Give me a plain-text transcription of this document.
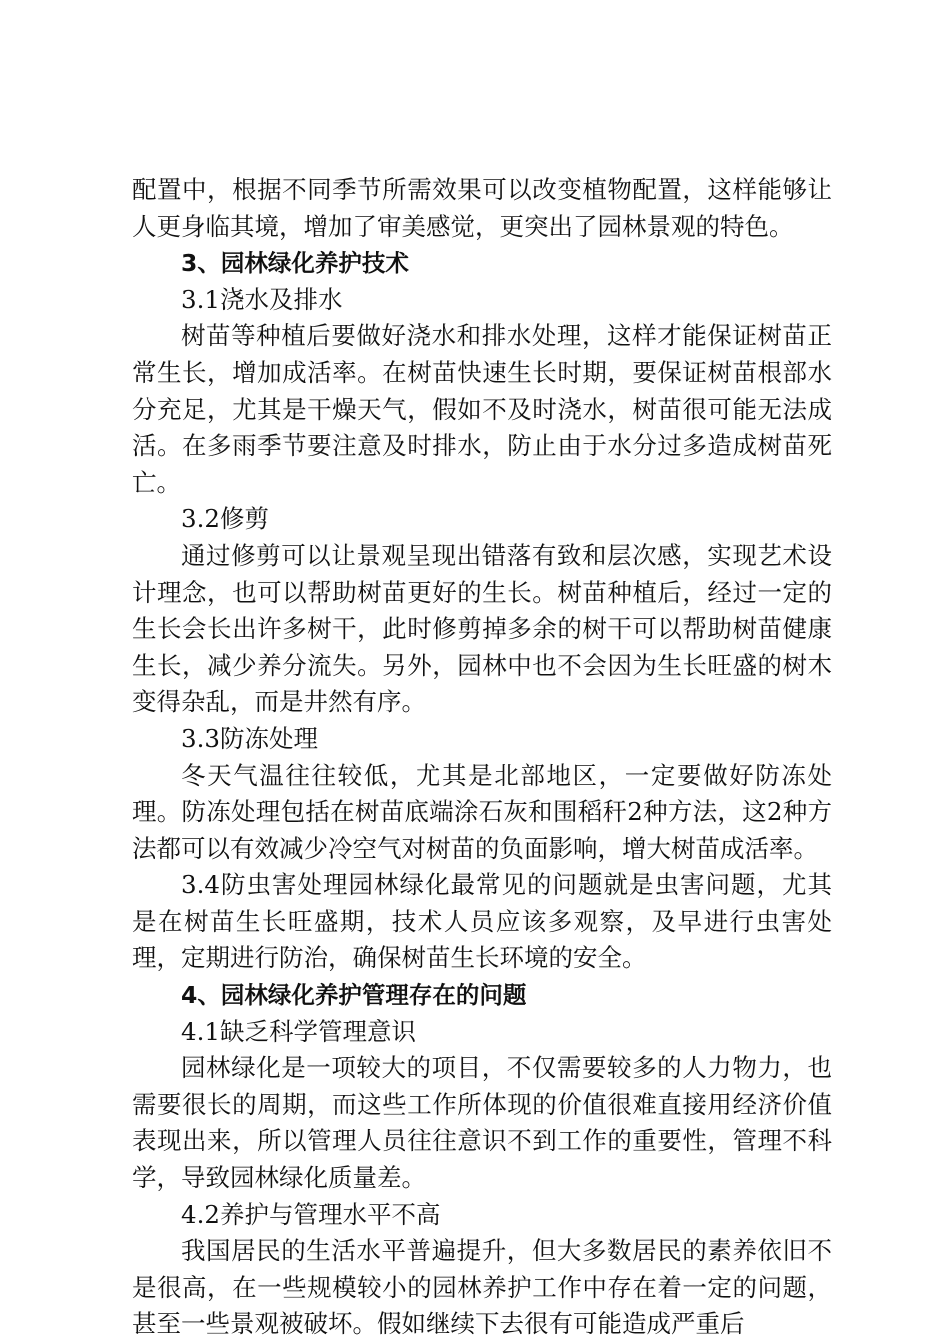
配置中，根据不同季节所需效果可以改变植物配置，这样能够让人更身临其境，增加了审美感觉，更突出了园林景观的特色。

3、园林绿化养护技术

3.1浇水及排水

树苗等种植后要做好浇水和排水处理，这样才能保证树苗正常生长，增加成活率。在树苗快速生长时期，要保证树苗根部水分充足，尤其是干燥天气，假如不及时浇水，树苗很可能无法成活。在多雨季节要注意及时排水，防止由于水分过多造成树苗死亡。

3.2修剪

通过修剪可以让景观呈现出错落有致和层次感，实现艺术设计理念，也可以帮助树苗更好的生长。树苗种植后，经过一定的生长会长出许多树干，此时修剪掉多余的树干可以帮助树苗健康生长，减少养分流失。另外，园林中也不会因为生长旺盛的树木变得杂乱，而是井然有序。

3.3防冻处理

冬天气温往往较低，尤其是北部地区，一定要做好防冻处理。防冻处理包括在树苗底端涂石灰和围稻秆2种方法，这2种方法都可以有效减少冷空气对树苗的负面影响，增大树苗成活率。

3.4防虫害处理园林绿化最常见的问题就是虫害问题，尤其是在树苗生长旺盛期，技术人员应该多观察，及早进行虫害处理，定期进行防治，确保树苗生长环境的安全。

4、园林绿化养护管理存在的问题

4.1缺乏科学管理意识

园林绿化是一项较大的项目，不仅需要较多的人力物力，也需要很长的周期，而这些工作所体现的价值很难直接用经济价值表现出来，所以管理人员往往意识不到工作的重要性，管理不科学，导致园林绿化质量差。

4.2养护与管理水平不高

我国居民的生活水平普遍提升，但大多数居民的素养依旧不是很高，在一些规模较小的园林养护工作中存在着一定的问题，甚至一些景观被破坏。假如继续下去很有可能造成严重后
